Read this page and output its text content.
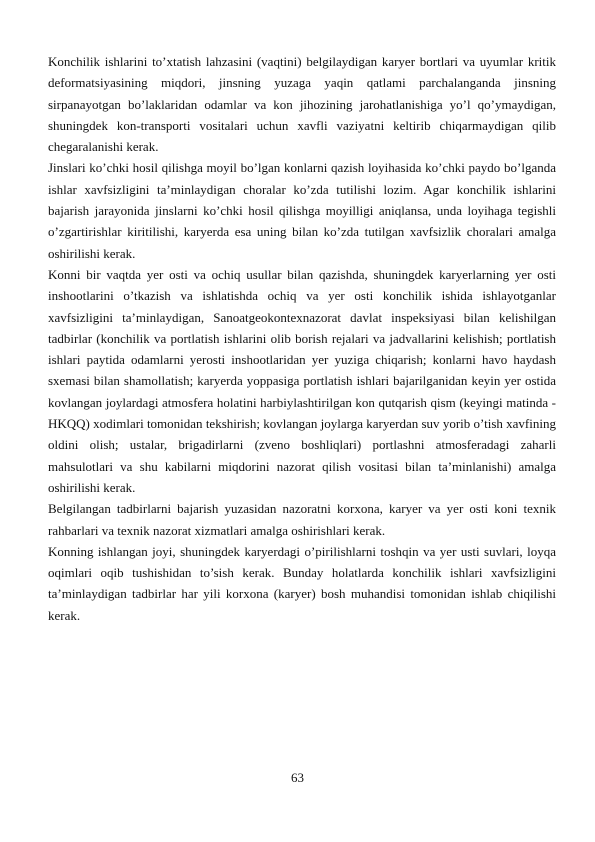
Konchilik ishlarini to’xtatish lahzasini (vaqtini) belgilaydigan karyer bortlari va uyumlar kritik deformatsiyasining miqdori, jinsning yuzaga yaqin qatlami parchalanganda jinsning sirpanayotgan bo’laklaridan odamlar va kon jihozining jarohatlanishiga yo’l qo’ymaydigan, shuningdek kon-transporti vositalari uchun xavfli vaziyatni keltirib chiqarmaydigan qilib chegaralanishi kerak.

Jinslari ko’chki hosil qilishga moyil bo’lgan konlarni qazish loyihasida ko’chki paydo bo’lganda ishlar xavfsizligini ta’minlaydigan choralar ko’zda tutilishi lozim. Agar konchilik ishlarini bajarish jarayonida jinslarni ko’chki hosil qilishga moyilligi aniqlansa, unda loyihaga tegishli o’zgartirishlar kiritilishi, karyerda esa uning bilan ko’zda tutilgan xavfsizlik choralari amalga oshirilishi kerak.

Konni bir vaqtda yer osti va ochiq usullar bilan qazishda, shuningdek karyerlarning yer osti inshootlarini o’tkazish va ishlatishda ochiq va yer osti konchilik ishida ishlayotganlar xavfsizligini ta’minlaydigan, Sanoatgeokontexnazorat davlat inspeksiyasi bilan kelishilgan tadbirlar (konchilik va portlatish ishlarini olib borish rejalari va jadvallarini kelishish; portlatish ishlari paytida odamlarni yerosti inshootlaridan yer yuziga chiqarish; konlarni havo haydash sxemasi bilan shamollatish; karyerda yoppasiga portlatish ishlari bajarilganidan keyin yer ostida kovlangan joylardagi atmosfera holatini harbiylashtirilgan kon qutqarish qism (keyingi matinda - HKQQ) xodimlari tomonidan tekshirish; kovlangan joylarga karyerdan suv yorib o’tish xavfining oldini olish; ustalar, brigadirlarni (zveno boshliqlari) portlashni atmosferadagi zaharli mahsulotlari va shu kabilarni miqdorini nazorat qilish vositasi bilan ta’minlanishi) amalga oshirilishi kerak.

Belgilangan tadbirlarni bajarish yuzasidan nazoratni korxona, karyer va yer osti koni texnik rahbarlari va texnik nazorat xizmatlari amalga oshirishlari kerak.

Konning ishlangan joyi, shuningdek karyerdagi o’pirilishlarni toshqin va yer usti suvlari, loyqa oqimlari oqib tushishidan to’sish kerak. Bunday holatlarda konchilik ishlari xavfsizligini ta’minlaydigan tadbirlar har yili korxona (karyer) bosh muhandisi tomonidan ishlab chiqilishi kerak.

63
